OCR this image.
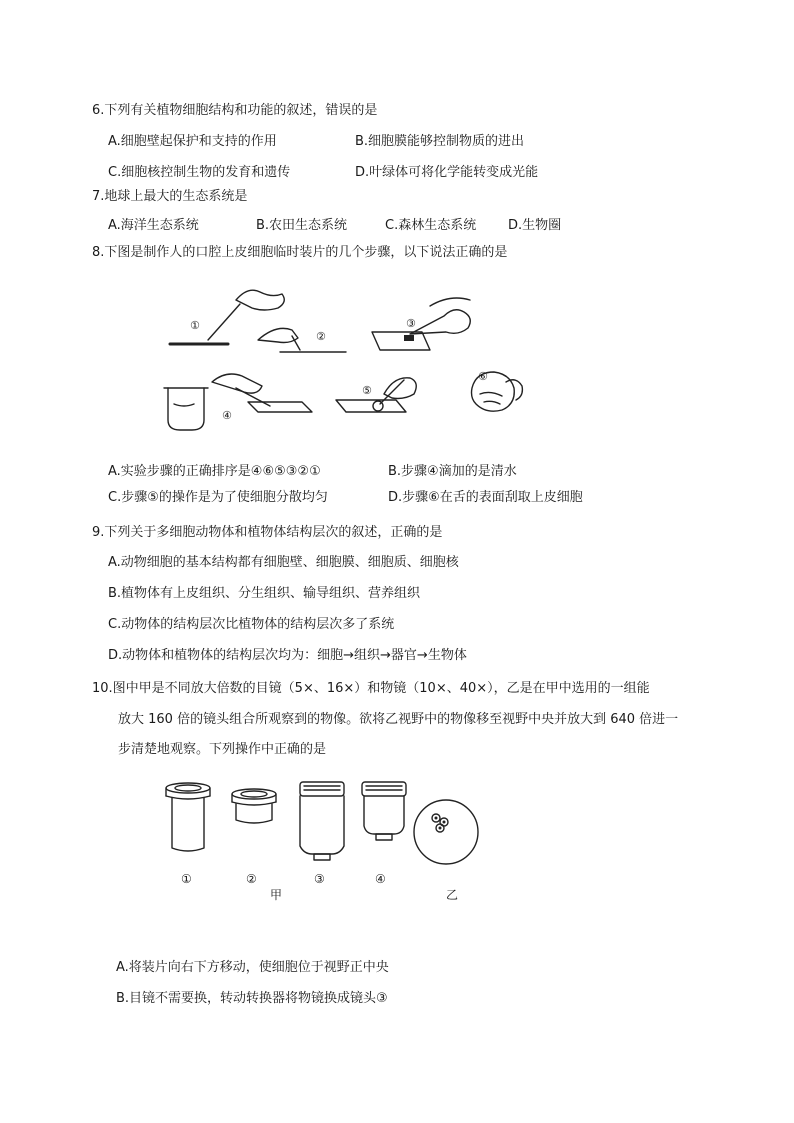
6.下列有关植物细胞结构和功能的叙述，错误的是
A.细胞壁起保护和支持的作用	B.细胞膜能够控制物质的进出
C.细胞核控制生物的发育和遗传	D.叶绿体可将化学能转变成光能
7.地球上最大的生态系统是
A.海洋生态系统	B.农田生态系统	C.森林生态系统 D.生物圈
8.下图是制作人的口腔上皮细胞临时装片的几个步骤，以下说法正确的是
①
②
③
④
⑤
⑥
A.实验步骤的正确排序是④⑥⑤③②①	B.步骤④滴加的是清水
C.步骤⑤的操作是为了使细胞分散均匀	D.步骤⑥在舌的表面刮取上皮细胞
9.下列关于多细胞动物体和植物体结构层次的叙述，正确的是
A.动物细胞的基本结构都有细胞壁、细胞膜、细胞质、细胞核
B.植物体有上皮组织、分生组织、输导组织、营养组织
C.动物体的结构层次比植物体的结构层次多了系统
D.动物体和植物体的结构层次均为：细胞→组织→器官→生物体
10.图中甲是不同放大倍数的目镜（5×、16×）和物镜（10×、40×），乙是在甲中选用的一组能
放大 160 倍的镜头组合所观察到的物像。欲将乙视野中的物像移至视野中央并放大到 640 倍进一
步清楚地观察。下列操作中正确的是
①	②	③	④
甲	乙
A.将装片向右下方移动，使细胞位于视野正中央
B.目镜不需要换，转动转换器将物镜换成镜头③
